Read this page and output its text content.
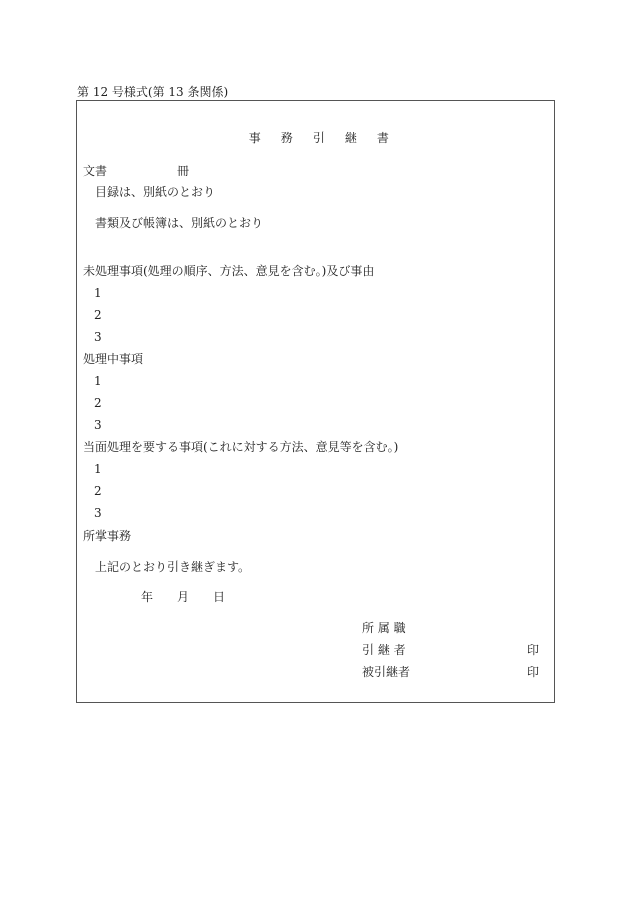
第 12 号様式(第 13 条関係)

事 務 引 継 書

文書	冊
目録は、別紙のとおり
書類及び帳簿は、別紙のとおり
未処理事項(処理の順序、方法、意見を含む。)及び事由
1
2
3
処理中事項
1
2
3
当面処理を要する事項(これに対する方法、意見等を含む。)
1
2
3
所掌事務
上記のとおり引き継ぎます。
年 月 日
所 属 職
引 継 者	印
被引継者	印
